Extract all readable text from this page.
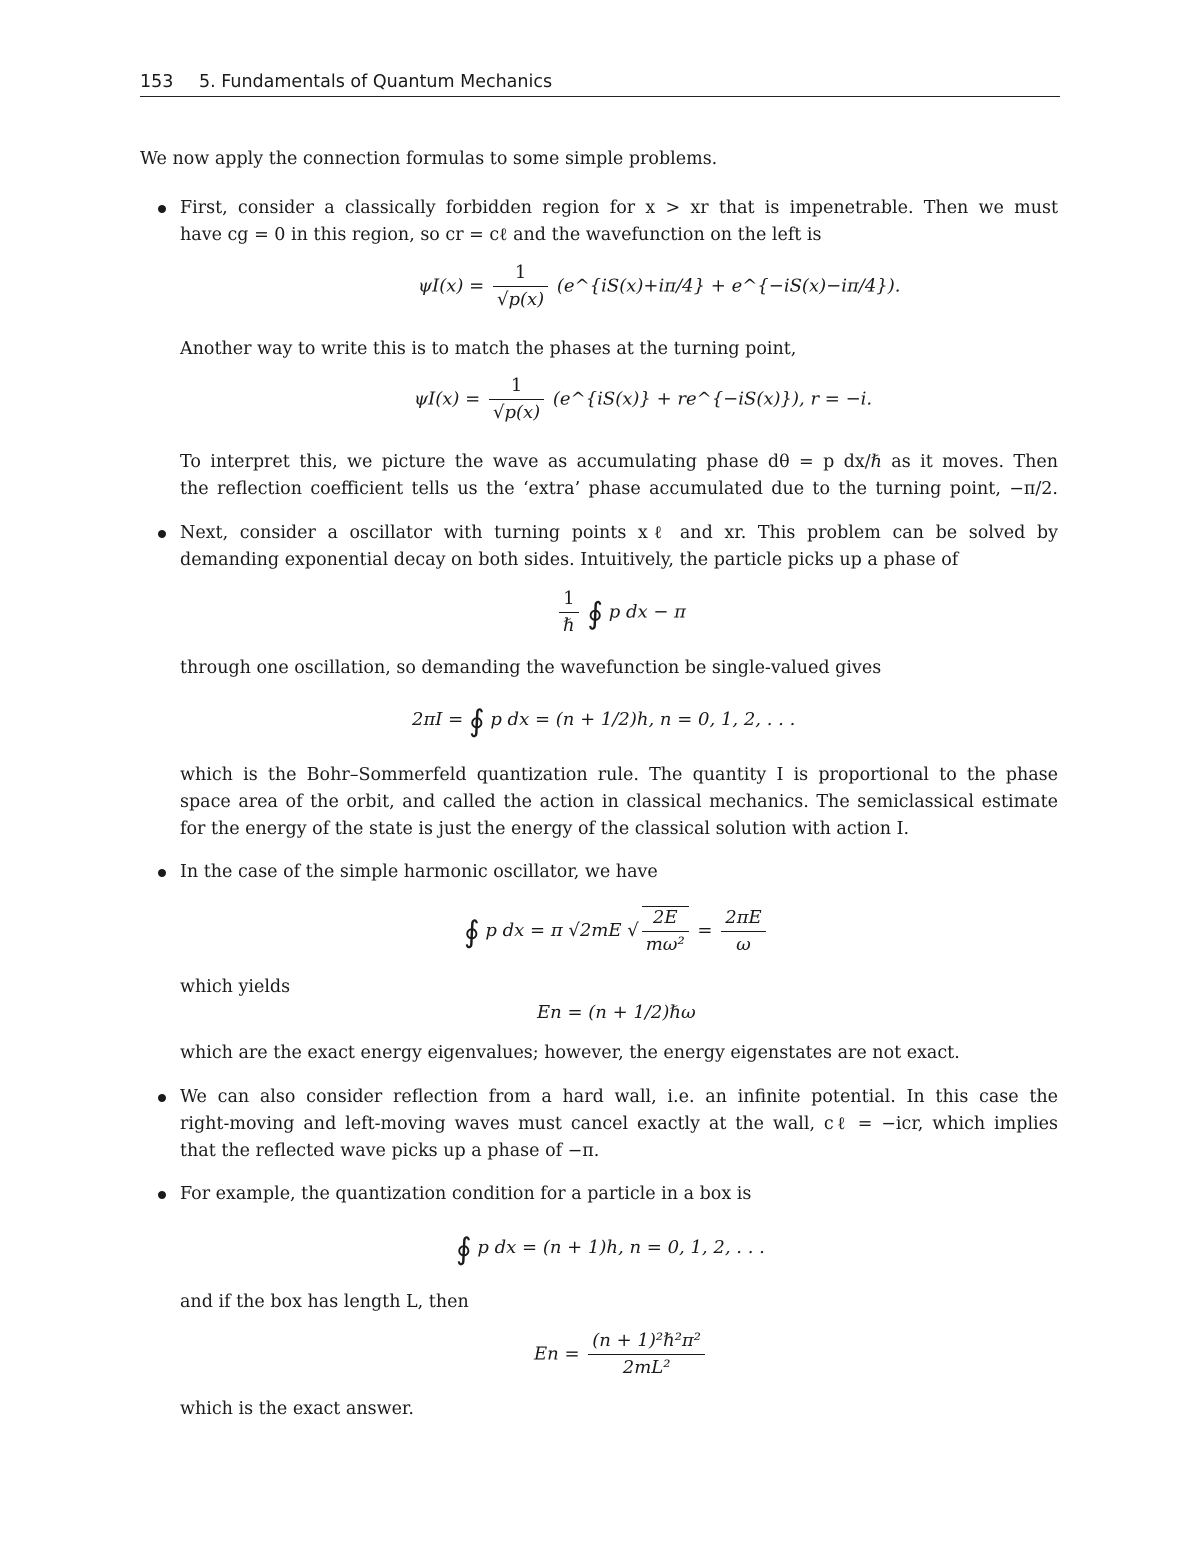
153 5. Fundamentals of Quantum Mechanics
We now apply the connection formulas to some simple problems.
First, consider a classically forbidden region for x > xr that is impenetrable. Then we must
have cg = 0 in this region, so cr = cℓ and the wavefunction on the left is
$\psi I(x) = \frac{1}{√p(x)}$ (e^{iS(x)+iπ/4} + e^{−iS(x)−iπ/4}).
Another way to write this is to match the phases at the turning point,
$\psi I(x) = \frac{1}{√p(x)}$ (e^{iS(x)} + re^{−iS(x)}), r = −i.
To interpret this, we picture the wave as accumulating phase dθ = p dx/ℏ as it moves. Then
the reflection coefficient tells us the ‘extra’ phase accumulated due to the turning point, −π/2.
Next, consider a oscillator with turning points xℓ and xr. This problem can be solved by
demanding exponential decay on both sides. Intuitively, the particle picks up a phase of
$\frac{1}{\text{ℏ}}$ ∮ p dx − π
through one oscillation, so demanding the wavefunction be single-valued gives
2πI = ∮ p dx = (n + 1/2)h, n = 0, 1, 2, . . .
which is the Bohr–Sommerfeld quantization rule. The quantity I is proportional to the phase
space area of the orbit, and called the action in classical mechanics. The semiclassical estimate
for the energy of the state is just the energy of the classical solution with action I.
In the case of the simple harmonic oscillator, we have
∮ p dx = π √2mE √ $\frac{2E}{\text{mω²}} = \frac{2\pi E}{\omega}$
which yields
En = (n + 1/2)ℏω
which are the exact energy eigenvalues; however, the energy eigenstates are not exact.
We can also consider reflection from a hard wall, i.e. an infinite potential. In this case the
right-moving and left-moving waves must cancel exactly at the wall, cℓ = −icr, which implies
that the reflected wave picks up a phase of −π.
For example, the quantization condition for a particle in a box is
∮ p dx = (n + 1)h, n = 0, 1, 2, . . .
and if the box has length L, then
$En = \frac{\text{(n + 1)²ℏ²π²}}{\text{2mL²}}$
which is the exact answer.
